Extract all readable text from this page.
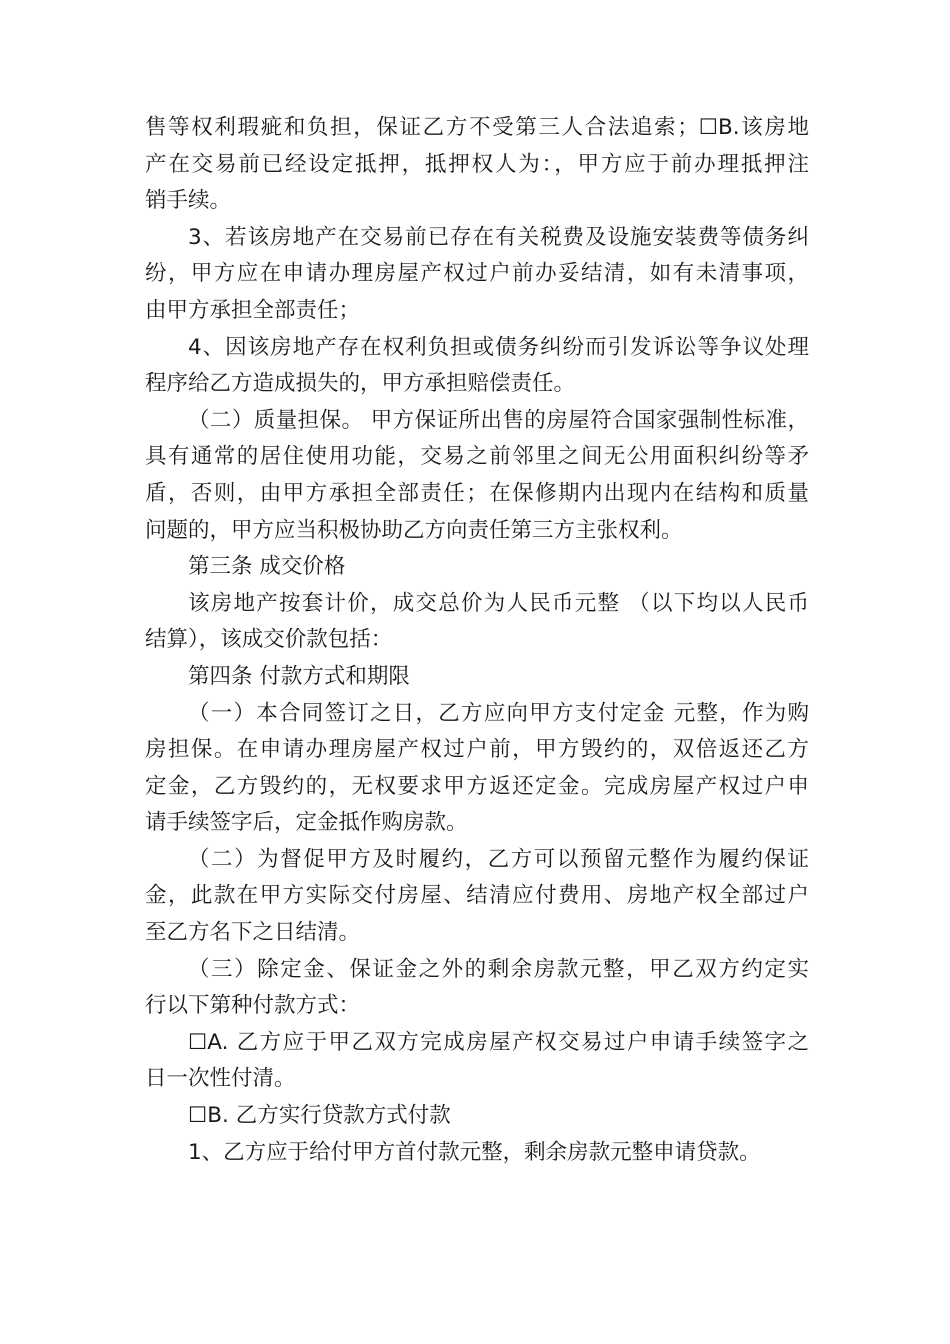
售等权利瑕疵和负担，保证乙方不受第三人合法追索；☐B.该房地
产在交易前已经设定抵押，抵押权人为：，甲方应于前办理抵押注
销手续。
3、若该房地产在交易前已存在有关税费及设施安装费等债务纠
纷，甲方应在申请办理房屋产权过户前办妥结清，如有未清事项，
由甲方承担全部责任；
4、因该房地产存在权利负担或债务纠纷而引发诉讼等争议处理
程序给乙方造成损失的，甲方承担赔偿责任。
（二）质量担保。 甲方保证所出售的房屋符合国家强制性标准，
具有通常的居住使用功能，交易之前邻里之间无公用面积纠纷等矛
盾，否则，由甲方承担全部责任；在保修期内出现内在结构和质量
问题的，甲方应当积极协助乙方向责任第三方主张权利。
第三条 成交价格
该房地产按套计价，成交总价为人民币元整 （以下均以人民币
结算），该成交价款包括：
第四条 付款方式和期限
（一）本合同签订之日，乙方应向甲方支付定金 元整，作为购
房担保。在申请办理房屋产权过户前，甲方毁约的，双倍返还乙方
定金，乙方毁约的，无权要求甲方返还定金。完成房屋产权过户申
请手续签字后，定金抵作购房款。
（二）为督促甲方及时履约，乙方可以预留元整作为履约保证
金，此款在甲方实际交付房屋、结清应付费用、房地产权全部过户
至乙方名下之日结清。
（三）除定金、保证金之外的剩余房款元整，甲乙双方约定实
行以下第种付款方式：
☐A. 乙方应于甲乙双方完成房屋产权交易过户申请手续签字之
日一次性付清。
☐B. 乙方实行贷款方式付款
1、乙方应于给付甲方首付款元整，剩余房款元整申请贷款。
